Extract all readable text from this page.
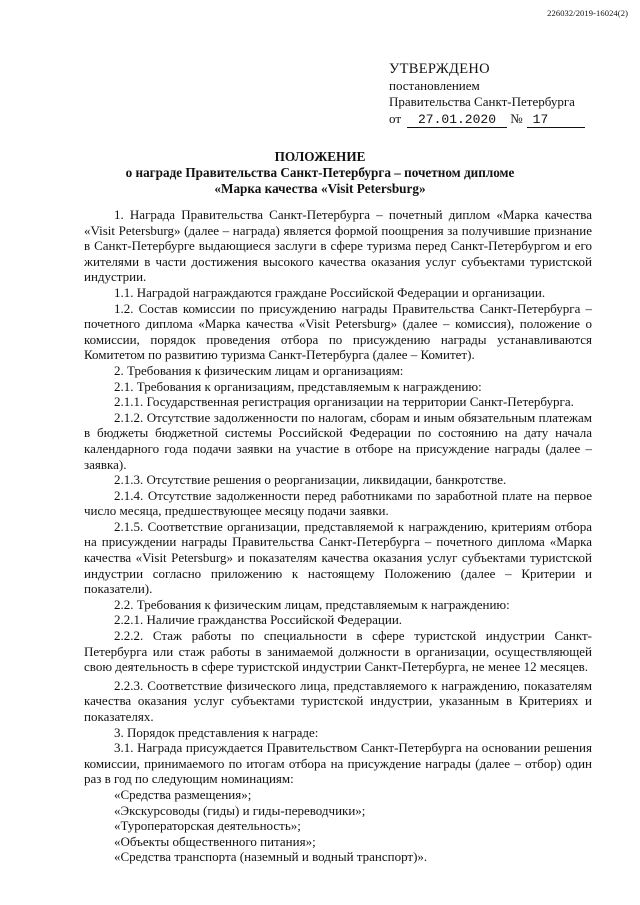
226032/2019-16024(2)
УТВЕРЖДЕНО
постановлением
Правительства Санкт-Петербурга
от 27.01.2020 № 17
ПОЛОЖЕНИЕ
о награде Правительства Санкт-Петербурга – почетном дипломе
«Марка качества «Visit Petersburg»

1. Награда Правительства Санкт-Петербурга – почетный диплом «Марка качества «Visit Petersburg» (далее – награда) является формой поощрения за получившие признание в Санкт-Петербурге выдающиеся заслуги в сфере туризма перед Санкт-Петербургом и его жителями в части достижения высокого качества оказания услуг субъектами туристской индустрии.

1.1. Наградой награждаются граждане Российской Федерации и организации.

1.2. Состав комиссии по присуждению награды Правительства Санкт-Петербурга – почетного диплома «Марка качества «Visit Petersburg» (далее – комиссия), положение о комиссии, порядок проведения отбора по присуждению награды устанавливаются Комитетом по развитию туризма Санкт-Петербурга (далее – Комитет).

2. Требования к физическим лицам и организациям:

2.1. Требования к организациям, представляемым к награждению:

2.1.1. Государственная регистрация организации на территории Санкт-Петербурга.

2.1.2. Отсутствие задолженности по налогам, сборам и иным обязательным платежам в бюджеты бюджетной системы Российской Федерации по состоянию на дату начала календарного года подачи заявки на участие в отборе на присуждение награды (далее – заявка).

2.1.3. Отсутствие решения о реорганизации, ликвидации, банкротстве.

2.1.4. Отсутствие задолженности перед работниками по заработной плате на первое число месяца, предшествующее месяцу подачи заявки.

2.1.5. Соответствие организации, представляемой к награждению, критериям отбора на присуждении награды Правительства Санкт-Петербурга – почетного диплома «Марка качества «Visit Petersburg» и показателям качества оказания услуг субъектами туристской индустрии согласно приложению к настоящему Положению (далее – Критерии и показатели).

2.2. Требования к физическим лицам, представляемым к награждению:

2.2.1. Наличие гражданства Российской Федерации.

2.2.2. Стаж работы по специальности в сфере туристской индустрии Санкт-Петербурга или стаж работы в занимаемой должности в организации, осуществляющей свою деятельность в сфере туристской индустрии Санкт-Петербурга, не менее 12 месяцев.

2.2.3. Соответствие физического лица, представляемого к награждению, показателям качества оказания услуг субъектами туристской индустрии, указанным в Критериях и показателях.

3. Порядок представления к награде:

3.1. Награда присуждается Правительством Санкт-Петербурга на основании решения комиссии, принимаемого по итогам отбора на присуждение награды (далее – отбор) один раз в год по следующим номинациям:

«Средства размещения»;

«Экскурсоводы (гиды) и гиды-переводчики»;

«Туроператорская деятельность»;

«Объекты общественного питания»;

«Средства транспорта (наземный и водный транспорт)».
